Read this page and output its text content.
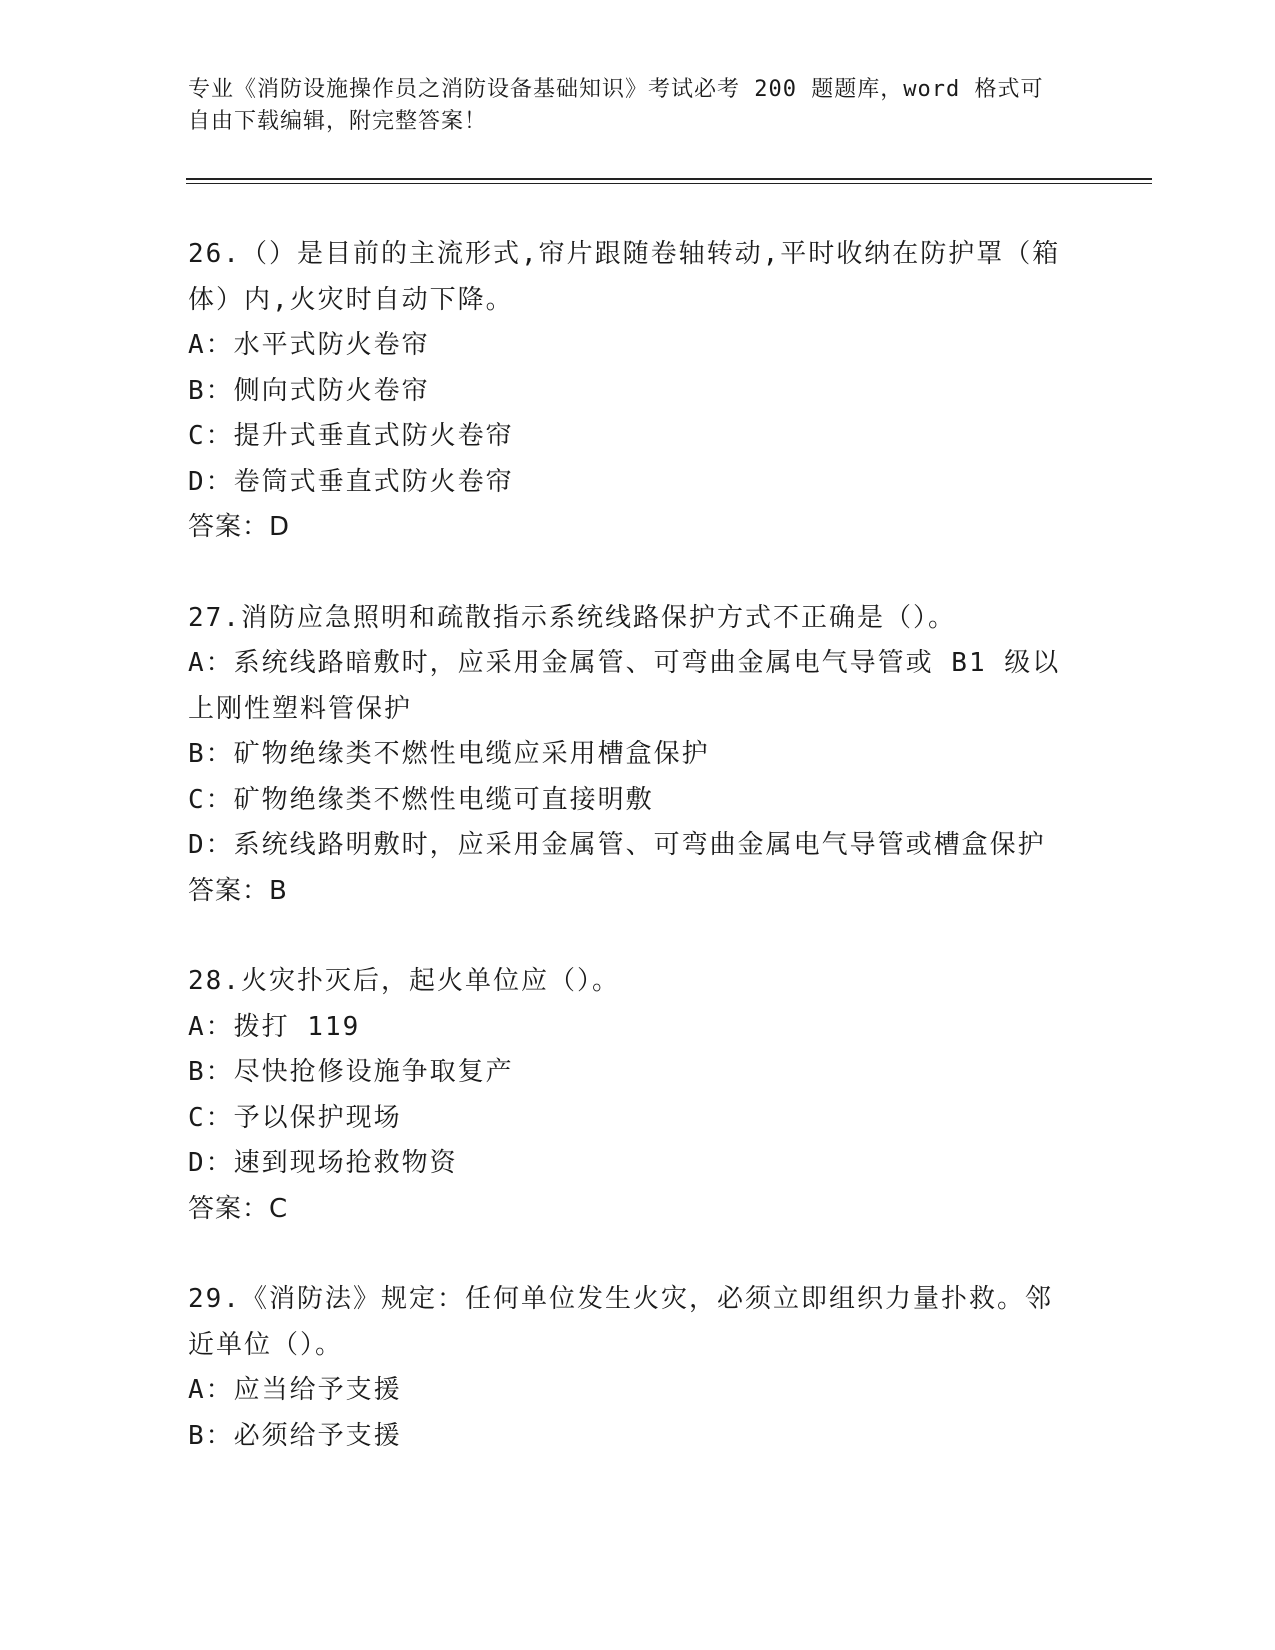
专业《消防设施操作员之消防设备基础知识》考试必考 200 题题库，word 格式可

自由下载编辑，附完整答案！

26.（）是目前的主流形式,帘片跟随卷轴转动,平时收纳在防护罩（箱

体）内,火灾时自动下降。

A：水平式防火卷帘

B：侧向式防火卷帘

C：提升式垂直式防火卷帘

D：卷筒式垂直式防火卷帘

答案：D

27.消防应急照明和疏散指示系统线路保护方式不正确是（）。

A：系统线路暗敷时，应采用金属管、可弯曲金属电气导管或 B1 级以

上刚性塑料管保护

B：矿物绝缘类不燃性电缆应采用槽盒保护

C：矿物绝缘类不燃性电缆可直接明敷

D：系统线路明敷时，应采用金属管、可弯曲金属电气导管或槽盒保护

答案：B

28.火灾扑灭后，起火单位应（）。

A：拨打 119

B：尽快抢修设施争取复产

C：予以保护现场

D：速到现场抢救物资

答案：C

29.《消防法》规定：任何单位发生火灾，必须立即组织力量扑救。邻

近单位（）。

A：应当给予支援

B：必须给予支援
